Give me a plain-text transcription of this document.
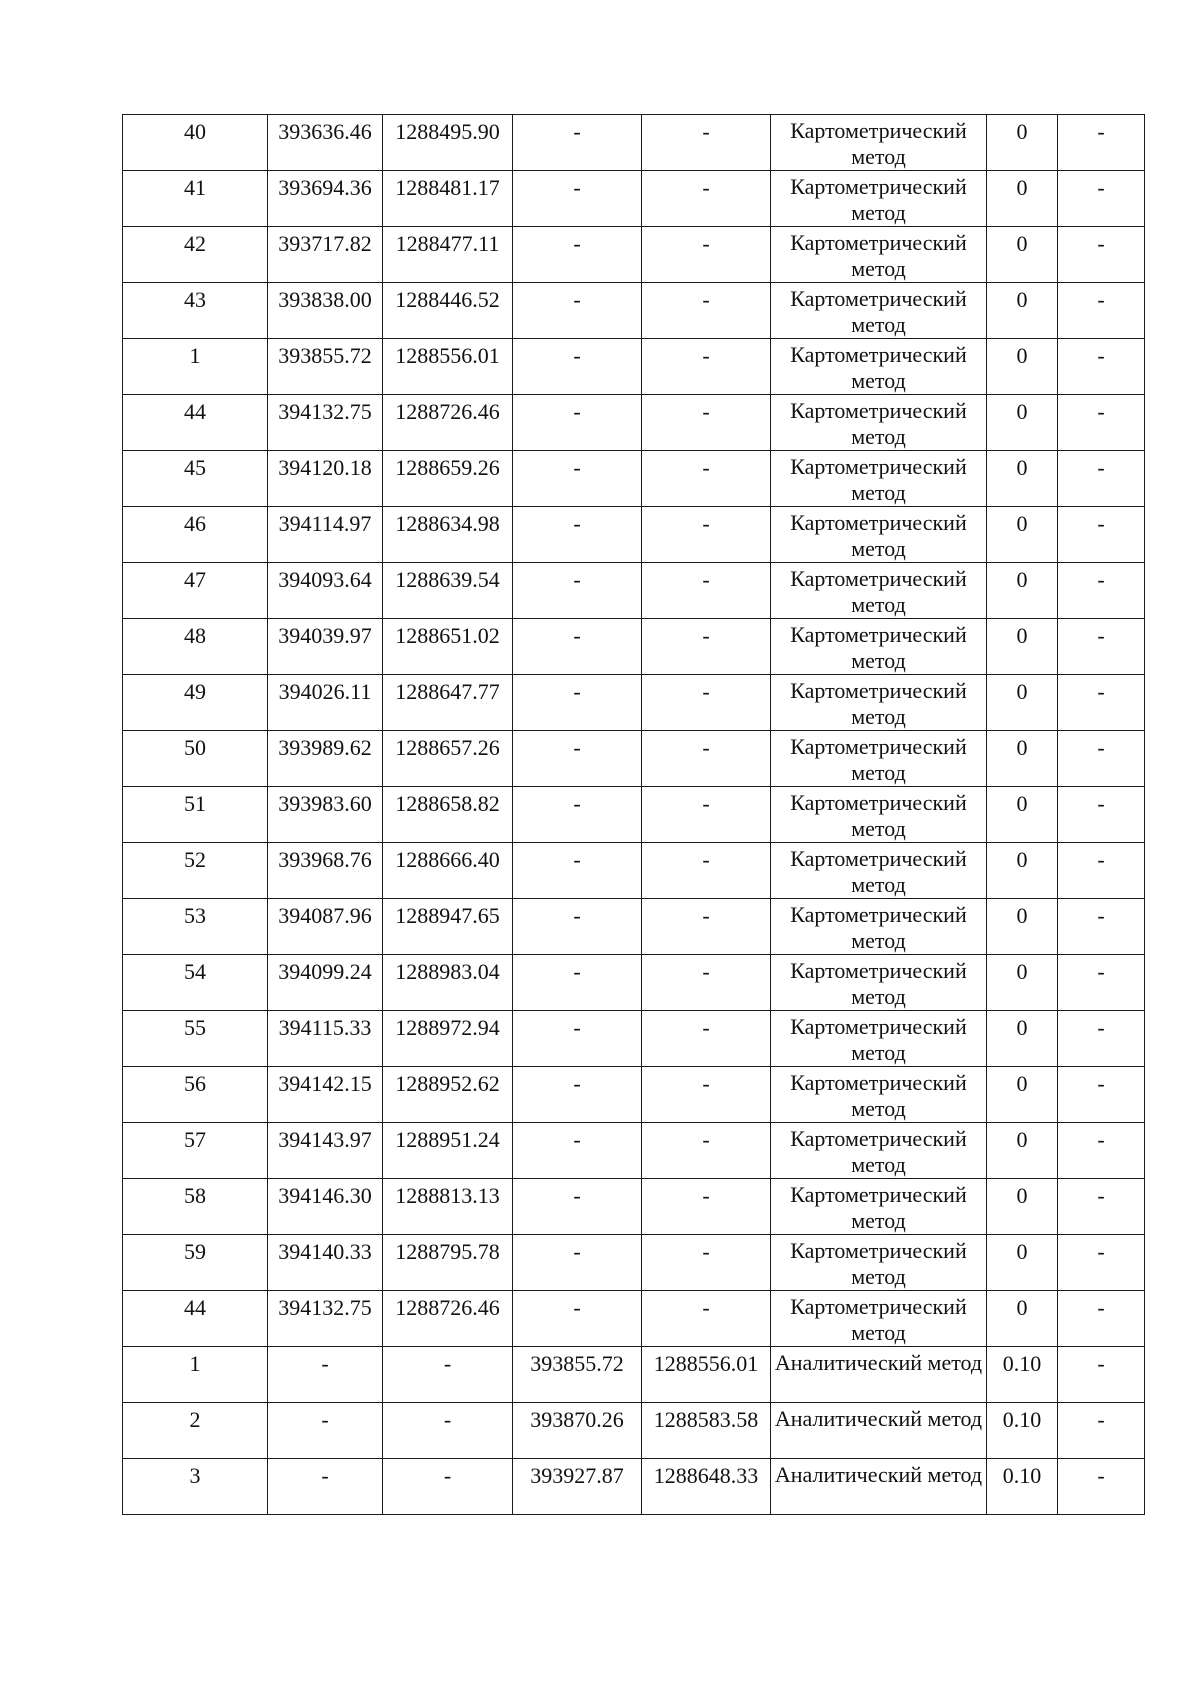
40	393636.46	1288495.90	-	-	Картометрический метод	0	-
41	393694.36	1288481.17	-	-	Картометрический метод	0	-
42	393717.82	1288477.11	-	-	Картометрический метод	0	-
43	393838.00	1288446.52	-	-	Картометрический метод	0	-
1	393855.72	1288556.01	-	-	Картометрический метод	0	-
44	394132.75	1288726.46	-	-	Картометрический метод	0	-
45	394120.18	1288659.26	-	-	Картометрический метод	0	-
46	394114.97	1288634.98	-	-	Картометрический метод	0	-
47	394093.64	1288639.54	-	-	Картометрический метод	0	-
48	394039.97	1288651.02	-	-	Картометрический метод	0	-
49	394026.11	1288647.77	-	-	Картометрический метод	0	-
50	393989.62	1288657.26	-	-	Картометрический метод	0	-
51	393983.60	1288658.82	-	-	Картометрический метод	0	-
52	393968.76	1288666.40	-	-	Картометрический метод	0	-
53	394087.96	1288947.65	-	-	Картометрический метод	0	-
54	394099.24	1288983.04	-	-	Картометрический метод	0	-
55	394115.33	1288972.94	-	-	Картометрический метод	0	-
56	394142.15	1288952.62	-	-	Картометрический метод	0	-
57	394143.97	1288951.24	-	-	Картометрический метод	0	-
58	394146.30	1288813.13	-	-	Картометрический метод	0	-
59	394140.33	1288795.78	-	-	Картометрический метод	0	-
44	394132.75	1288726.46	-	-	Картометрический метод	0	-
1	-	-	393855.72	1288556.01	Аналитический метод	0.10	-
2	-	-	393870.26	1288583.58	Аналитический метод	0.10	-
3	-	-	393927.87	1288648.33	Аналитический метод	0.10	-
